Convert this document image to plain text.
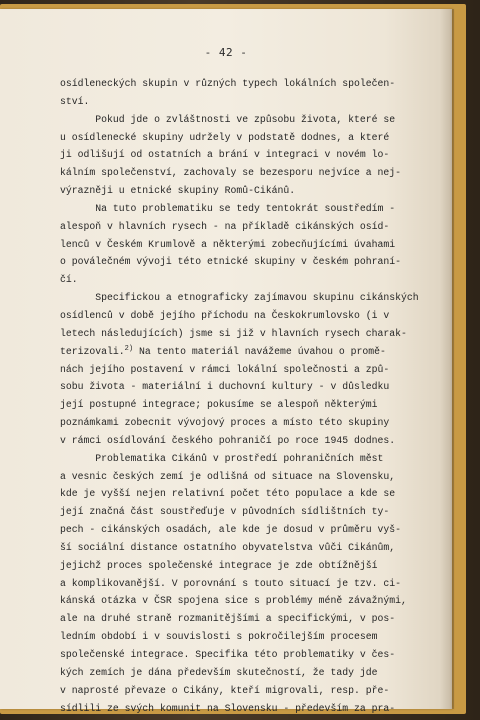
- 42 -
osídleneckých skupin v různých typech lokálních společen-
ství.
Pokud jde o zvláštnosti ve způsobu života, které se
u osídlenecké skupiny udržely v podstatě dodnes, a které
ji odlišují od ostatních a brání v integraci v novém lo-
kálním společenství, zachovaly se bezesporu nejvíce a nej-
výrazněji u etnické skupiny Romů-Cikánů.
Na tuto problematiku se tedy tentokrát soustředím -
alespoň v hlavních rysech - na příkladě cikánských osíd-
lenců v Českém Krumlově a některými zobecňujícími úvahami
o poválečném vývoji této etnické skupiny v českém pohraní-
čí.
Specifickou a etnograficky zajímavou skupinu cikánských
osídlenců v době jejího příchodu na Českokrumlovsko (i v
letech následujících) jsme si již v hlavních rysech charak-
terizovali.$^{2)}$ Na tento materiál navážeme úvahou o promě-
nách jejího postavení v rámci lokální společnosti a způ-
sobu života - materiální i duchovní kultury - v důsledku
její postupné integrace; pokusíme se alespoň některými
poznámkami zobecnit vývojový proces a místo této skupiny
v rámci osídlování českého pohraničí po roce 1945 dodnes.
Problematika Cikánů v prostředí pohraničních měst
a vesnic českých zemí je odlišná od situace na Slovensku,
kde je vyšší nejen relativní počet této populace a kde se
její značná část soustřeďuje v původních sídlištních ty-
pech - cikánských osadách, ale kde je dosud v průměru vyš-
ší sociální distance ostatního obyvatelstva vůči Cikánům,
jejichž proces společenské integrace je zde obtížnější
a komplikovanější. V porovnání s touto situací je tzv. ci-
kánská otázka v ČSR spojena sice s problémy méně závažnými,
ale na druhé straně rozmanitějšími a specifickými, v pos-
ledním období i v souvislosti s pokročilejším procesem
společenské integrace. Specifika této problematiky v čes-
kých zemích je dána především skutečností, že tady jde
v naprosté převaze o Cikány, kteří migrovali, resp. pře-
sídlili ze svých komunit na Slovensku - především za pra-
